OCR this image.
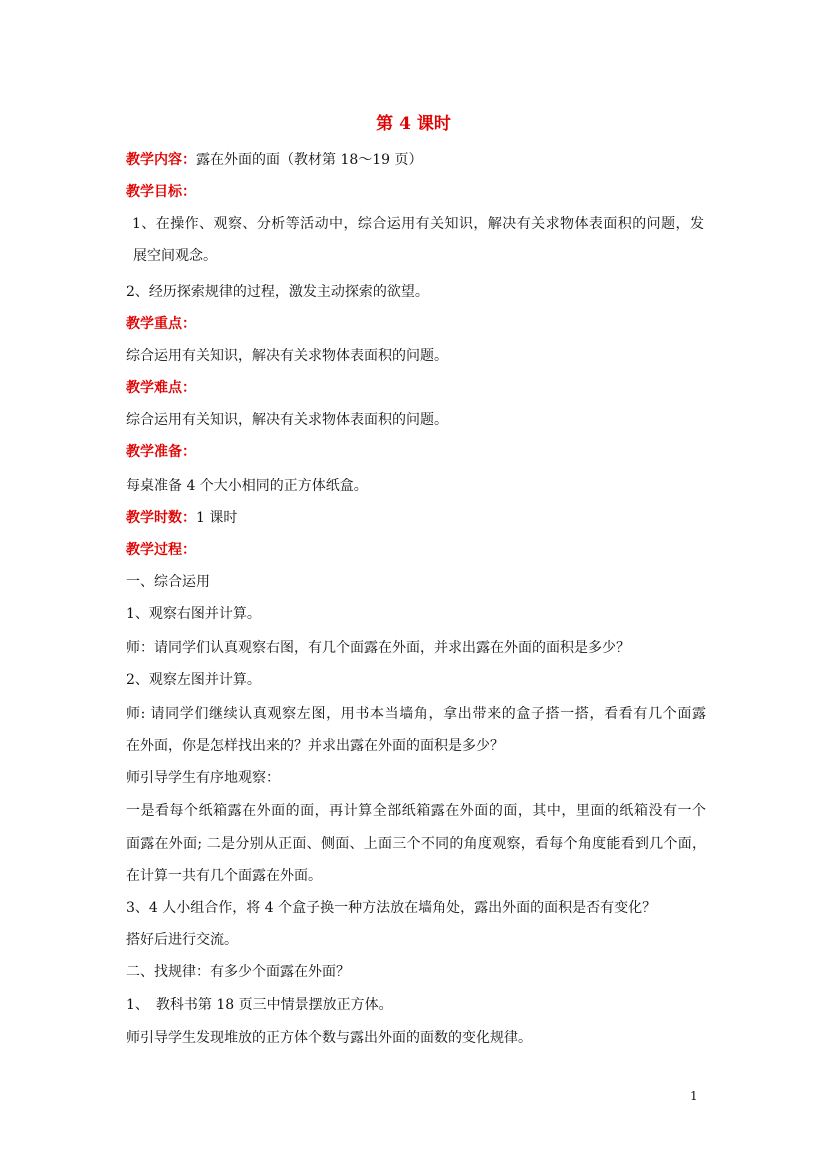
第 4 课时
教学内容：露在外面的面（教材第 18～19 页）
教学目标：
1、在操作、观察、分析等活动中，综合运用有关知识，解决有关求物体表面积的问题，发
展空间观念。
2、经历探索规律的过程，激发主动探索的欲望。
教学重点：
综合运用有关知识，解决有关求物体表面积的问题。
教学难点：
综合运用有关知识，解决有关求物体表面积的问题。
教学准备：
每桌准备 4 个大小相同的正方体纸盒。
教学时数：1 课时
教学过程：
一、综合运用
1、观察右图并计算。
师：请同学们认真观察右图，有几个面露在外面，并求出露在外面的面积是多少？
2、观察左图并计算。
师: 请同学们继续认真观察左图，用书本当墙角，拿出带来的盒子搭一搭，看看有几个面露
在外面，你是怎样找出来的？并求出露在外面的面积是多少？
师引导学生有序地观察：
一是看每个纸箱露在外面的面，再计算全部纸箱露在外面的面，其中，里面的纸箱没有一个
面露在外面; 二是分别从正面、侧面、上面三个不同的角度观察，看每个角度能看到几个面，
在计算一共有几个面露在外面。
3、4 人小组合作，将 4 个盒子换一种方法放在墙角处，露出外面的面积是否有变化？
搭好后进行交流。
二、找规律：有多少个面露在外面？
1、　教科书第 18 页三中情景摆放正方体。
师引导学生发现堆放的正方体个数与露出外面的面数的变化规律。
1
